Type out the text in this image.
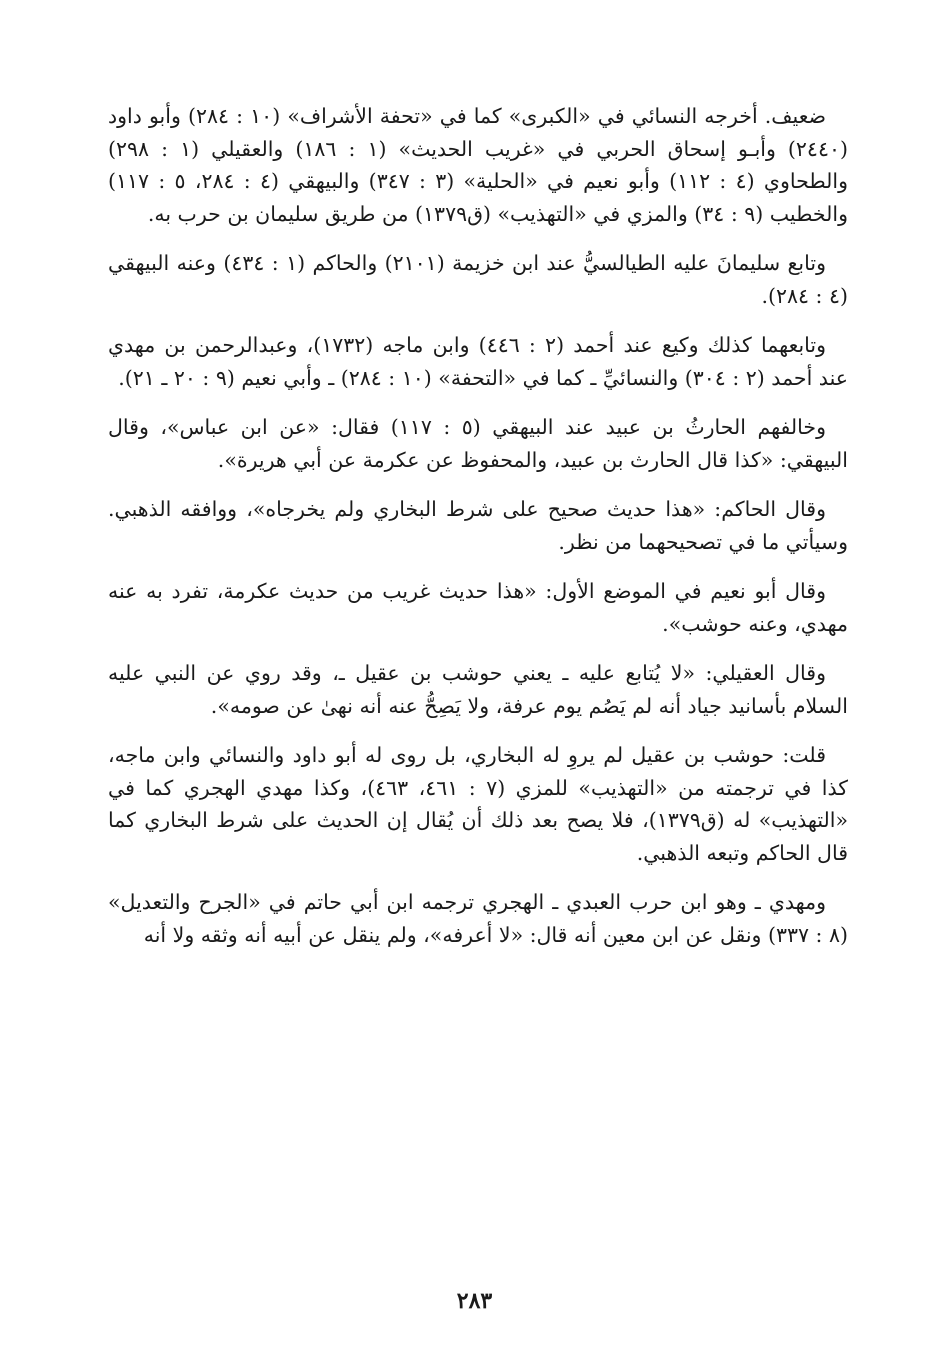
ضعيف. أخرجه النسائي في «الكبرى» كما في «تحفة الأشراف» (١٠ : ٢٨٤) وأبو داود (٢٤٤٠) وأبـو إسحاق الحربي في «غريب الحديث» (١ : ١٨٦) والعقيلي (١ : ٢٩٨) والطحاوي (٤ : ١١٢) وأبو نعيم في «الحلية» (٣ : ٣٤٧) والبيهقي (٤ : ٢٨٤، ٥ : ١١٧) والخطيب (٩ : ٣٤) والمزي في «التهذيب» (ق١٣٧٩) من طريق سليمان بن حرب به.

وتابع سليمانَ عليه الطيالسيُّ عند ابن خزيمة (٢١٠١) والحاكم (١ : ٤٣٤) وعنه البيهقي (٤ : ٢٨٤).

وتابعهما كذلك وكيع عند أحمد (٢ : ٤٤٦) وابن ماجه (١٧٣٢)، وعبدالرحمن بن مهدي عند أحمد (٢ : ٣٠٤) والنسائيِّ ـ كما في «التحفة» (١٠ : ٢٨٤) ـ وأبي نعيم (٩ : ٢٠ ـ ٢١).

وخالفهم الحارثُ بن عبيد عند البيهقي (٥ : ١١٧) فقال: «عن ابن عباس»، وقال البيهقي: «كذا قال الحارث بن عبيد، والمحفوظ عن عكرمة عن أبي هريرة».

وقال الحاكم: «هذا حديث صحيح على شرط البخاري ولم يخرجاه»، ووافقه الذهبي. وسيأتي ما في تصحيحهما من نظر.

وقال أبو نعيم في الموضع الأول: «هذا حديث غريب من حديث عكرمة، تفرد به عنه مهدي، وعنه حوشب».

وقال العقيلي: «لا يُتابع عليه ـ يعني حوشب بن عقيل ـ، وقد روي عن النبي عليه السلام بأسانيد جياد أنه لم يَصُم يوم عرفة، ولا يَصِحُّ عنه أنه نهىٰ عن صومه».

قلت: حوشب بن عقيل لم يروِ له البخاري، بل روى له أبو داود والنسائي وابن ماجه، كذا في ترجمته من «التهذيب» للمزي (٧ : ٤٦١، ٤٦٣)، وكذا مهدي الهجري كما في «التهذيب» له (ق١٣٧٩)، فلا يصح بعد ذلك أن يُقال إن الحديث على شرط البخاري كما قال الحاكم وتبعه الذهبي.

ومهدي ـ وهو ابن حرب العبدي ـ الهجري ترجمه ابن أبي حاتم في «الجرح والتعديل» (٨ : ٣٣٧) ونقل عن ابن معين أنه قال: «لا أعرفه»، ولم ينقل عن أبيه أنه وثقه ولا أنه

٢٨٣
